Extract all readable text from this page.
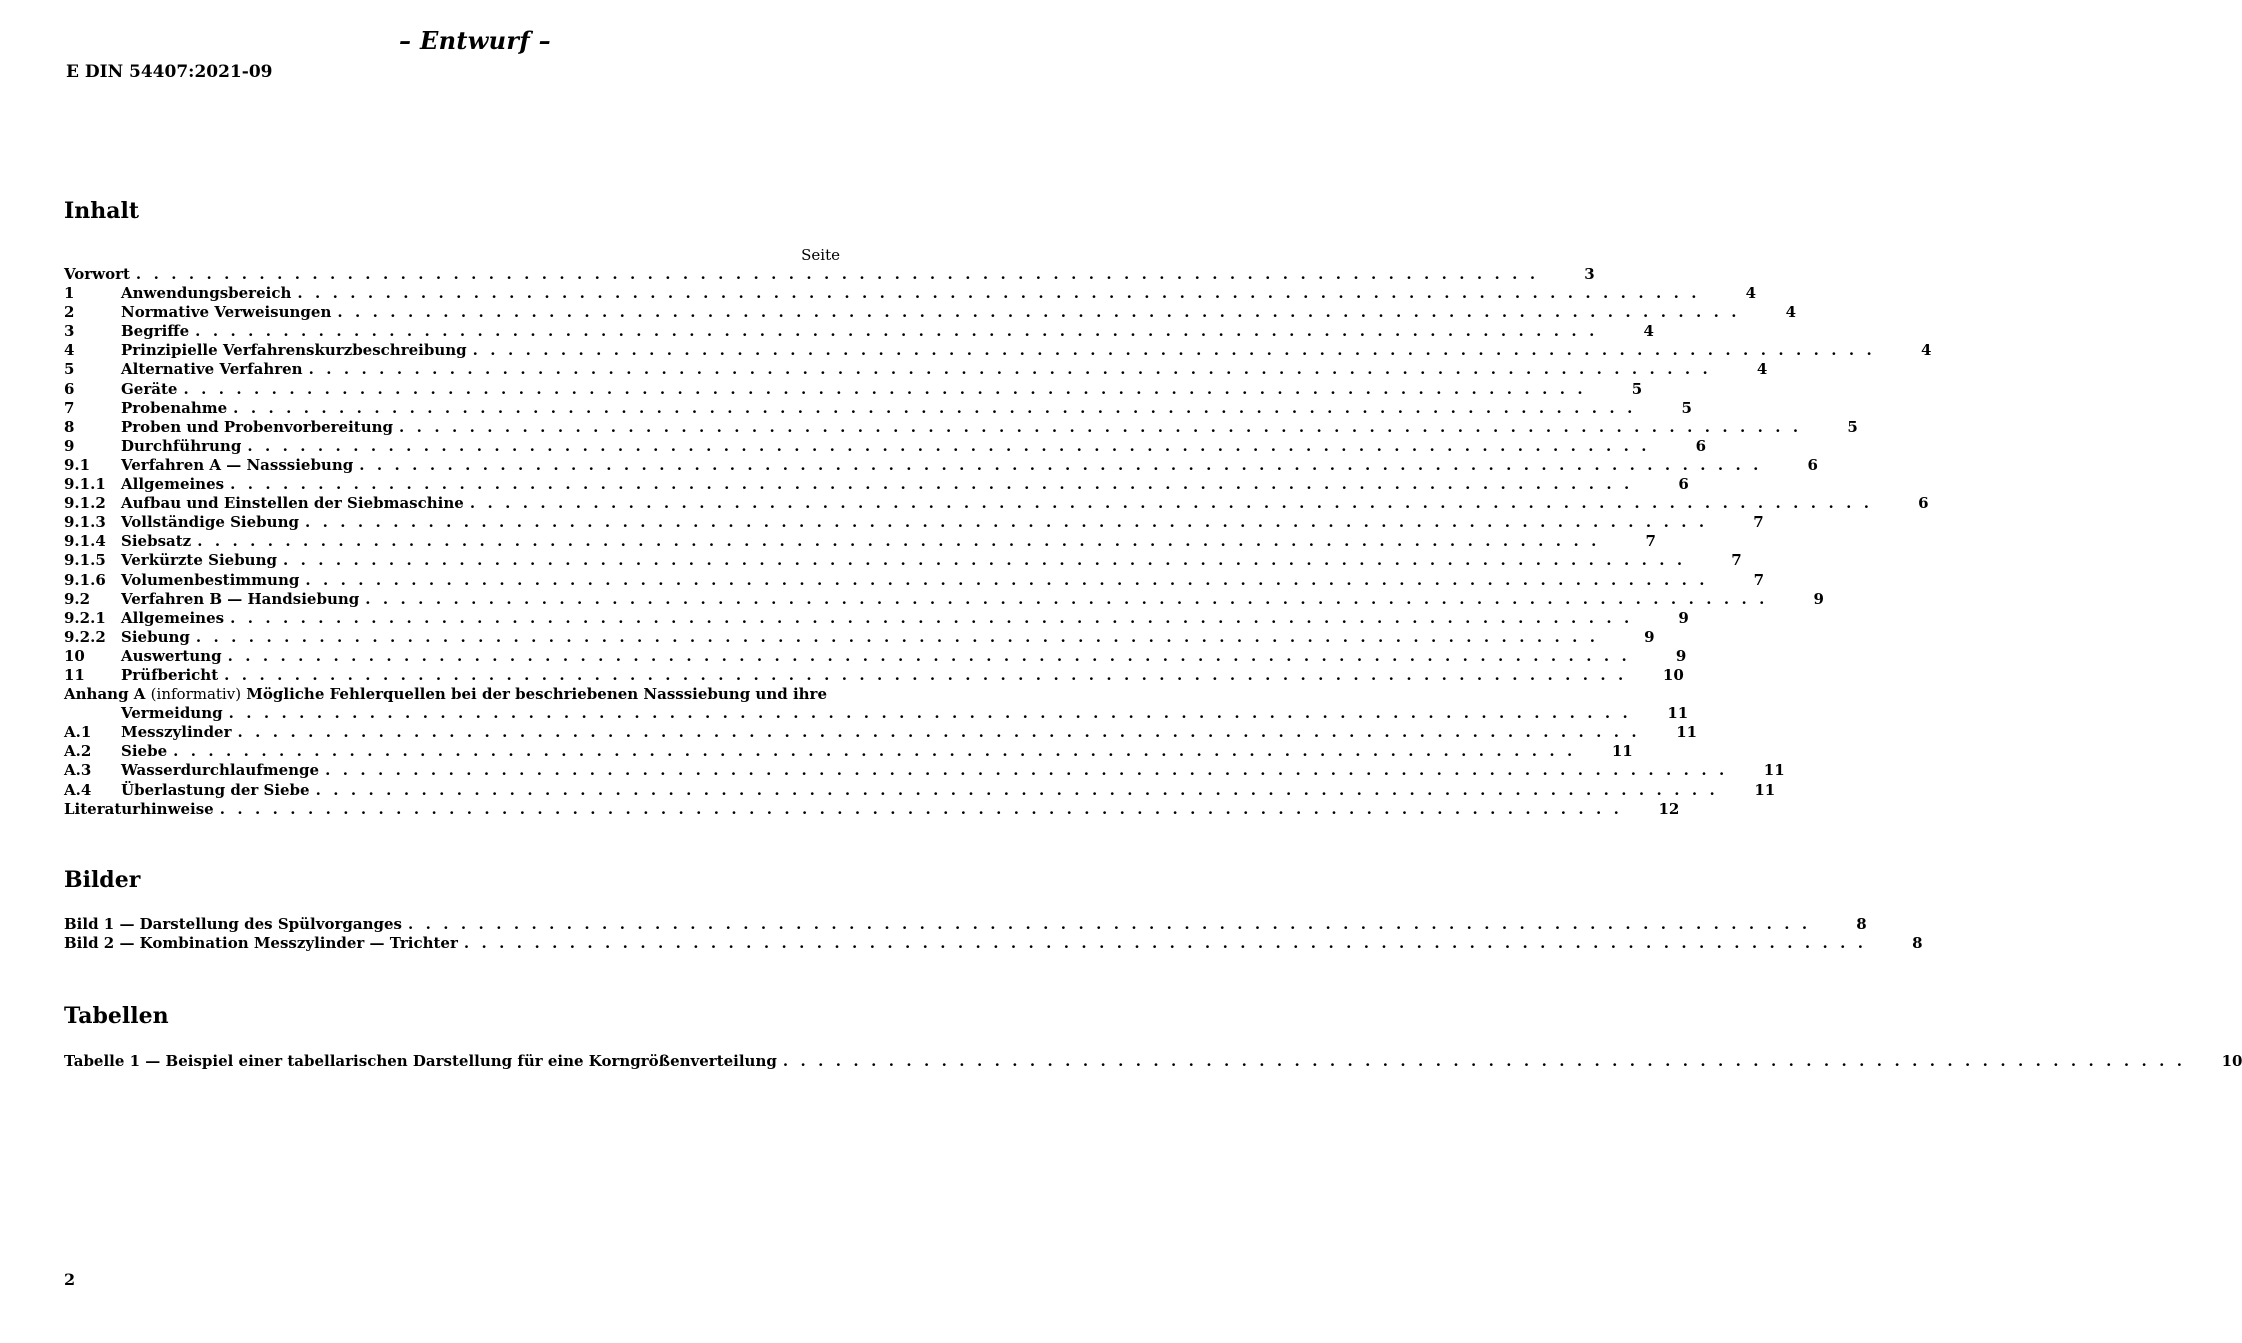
– Entwurf –
E DIN 54407:2021-09
Inhalt
Seite
Vorwort . . . . . . . . . . . . . . . . . . . . . . . . . . . . . . . . . . . . . . . . . . . . . . . . . . . . . . . . . . . . . . . . . . . . . . . . . . . . . . . .	3
1	Anwendungsbereich . . . . . . . . . . . . . . . . . . . . . . . . . . . . . . . . . . . . . . . . . . . . . . . . . . . . . . . . . . . . . . . . . . . . . . . . . . . . . . . .	4
2	Normative Verweisungen . . . . . . . . . . . . . . . . . . . . . . . . . . . . . . . . . . . . . . . . . . . . . . . . . . . . . . . . . . . . . . . . . . . . . . . . . . . . . . . .	4
3	Begriffe . . . . . . . . . . . . . . . . . . . . . . . . . . . . . . . . . . . . . . . . . . . . . . . . . . . . . . . . . . . . . . . . . . . . . . . . . . . . . . . .	4
4	Prinzipielle Verfahrenskurzbeschreibung . . . . . . . . . . . . . . . . . . . . . . . . . . . . . . . . . . . . . . . . . . . . . . . . . . . . . . . . . . . . . . . . . . . . . . . . . . . . . . . .	4
5	Alternative Verfahren . . . . . . . . . . . . . . . . . . . . . . . . . . . . . . . . . . . . . . . . . . . . . . . . . . . . . . . . . . . . . . . . . . . . . . . . . . . . . . . .	4
6	Geräte . . . . . . . . . . . . . . . . . . . . . . . . . . . . . . . . . . . . . . . . . . . . . . . . . . . . . . . . . . . . . . . . . . . . . . . . . . . . . . . .	5
7	Probenahme . . . . . . . . . . . . . . . . . . . . . . . . . . . . . . . . . . . . . . . . . . . . . . . . . . . . . . . . . . . . . . . . . . . . . . . . . . . . . . . .	5
8	Proben und Probenvorbereitung . . . . . . . . . . . . . . . . . . . . . . . . . . . . . . . . . . . . . . . . . . . . . . . . . . . . . . . . . . . . . . . . . . . . . . . . . . . . . . . .	5
9	Durchführung . . . . . . . . . . . . . . . . . . . . . . . . . . . . . . . . . . . . . . . . . . . . . . . . . . . . . . . . . . . . . . . . . . . . . . . . . . . . . . . .	6
9.1	Verfahren A — Nasssiebung . . . . . . . . . . . . . . . . . . . . . . . . . . . . . . . . . . . . . . . . . . . . . . . . . . . . . . . . . . . . . . . . . . . . . . . . . . . . . . . .	6
9.1.1	Allgemeines . . . . . . . . . . . . . . . . . . . . . . . . . . . . . . . . . . . . . . . . . . . . . . . . . . . . . . . . . . . . . . . . . . . . . . . . . . . . . . . .	6
9.1.2	Aufbau und Einstellen der Siebmaschine . . . . . . . . . . . . . . . . . . . . . . . . . . . . . . . . . . . . . . . . . . . . . . . . . . . . . . . . . . . . . . . . . . . . . . . . . . . . . . . .	6
9.1.3	Vollständige Siebung . . . . . . . . . . . . . . . . . . . . . . . . . . . . . . . . . . . . . . . . . . . . . . . . . . . . . . . . . . . . . . . . . . . . . . . . . . . . . . . .	7
9.1.4	Siebsatz . . . . . . . . . . . . . . . . . . . . . . . . . . . . . . . . . . . . . . . . . . . . . . . . . . . . . . . . . . . . . . . . . . . . . . . . . . . . . . . .	7
9.1.5	Verkürzte Siebung . . . . . . . . . . . . . . . . . . . . . . . . . . . . . . . . . . . . . . . . . . . . . . . . . . . . . . . . . . . . . . . . . . . . . . . . . . . . . . . .	7
9.1.6	Volumenbestimmung . . . . . . . . . . . . . . . . . . . . . . . . . . . . . . . . . . . . . . . . . . . . . . . . . . . . . . . . . . . . . . . . . . . . . . . . . . . . . . . .	7
9.2	Verfahren B — Handsiebung . . . . . . . . . . . . . . . . . . . . . . . . . . . . . . . . . . . . . . . . . . . . . . . . . . . . . . . . . . . . . . . . . . . . . . . . . . . . . . . .	9
9.2.1	Allgemeines . . . . . . . . . . . . . . . . . . . . . . . . . . . . . . . . . . . . . . . . . . . . . . . . . . . . . . . . . . . . . . . . . . . . . . . . . . . . . . . .	9
9.2.2	Siebung . . . . . . . . . . . . . . . . . . . . . . . . . . . . . . . . . . . . . . . . . . . . . . . . . . . . . . . . . . . . . . . . . . . . . . . . . . . . . . . .	9
10	Auswertung . . . . . . . . . . . . . . . . . . . . . . . . . . . . . . . . . . . . . . . . . . . . . . . . . . . . . . . . . . . . . . . . . . . . . . . . . . . . . . . .	9
11	Prüfbericht . . . . . . . . . . . . . . . . . . . . . . . . . . . . . . . . . . . . . . . . . . . . . . . . . . . . . . . . . . . . . . . . . . . . . . . . . . . . . . . . 10
Anhang A (informativ) Mögliche Fehlerquellen bei der beschriebenen Nasssiebung und ihre
Vermeidung . . . . . . . . . . . . . . . . . . . . . . . . . . . . . . . . . . . . . . . . . . . . . . . . . . . . . . . . . . . . . . . . . . . . . . . . . . . . . . . . 11
A.1	Messzylinder . . . . . . . . . . . . . . . . . . . . . . . . . . . . . . . . . . . . . . . . . . . . . . . . . . . . . . . . . . . . . . . . . . . . . . . . . . . . . . . . 11
A.2	Siebe . . . . . . . . . . . . . . . . . . . . . . . . . . . . . . . . . . . . . . . . . . . . . . . . . . . . . . . . . . . . . . . . . . . . . . . . . . . . . . . . 11
A.3	Wasserdurchlaufmenge . . . . . . . . . . . . . . . . . . . . . . . . . . . . . . . . . . . . . . . . . . . . . . . . . . . . . . . . . . . . . . . . . . . . . . . . . . . . . . . . 11
A.4	Überlastung der Siebe . . . . . . . . . . . . . . . . . . . . . . . . . . . . . . . . . . . . . . . . . . . . . . . . . . . . . . . . . . . . . . . . . . . . . . . . . . . . . . . . 11
Literaturhinweise . . . . . . . . . . . . . . . . . . . . . . . . . . . . . . . . . . . . . . . . . . . . . . . . . . . . . . . . . . . . . . . . . . . . . . . . . . . . . . . . 12
Bilder
Bild 1 — Darstellung des Spülvorganges . . . . . . . . . . . . . . . . . . . . . . . . . . . . . . . . . . . . . . . . . . . . . . . . . . . . . . . . . . . . . . . . . . . . . . . . . . . . . . . .	8
Bild 2 — Kombination Messzylinder — Trichter . . . . . . . . . . . . . . . . . . . . . . . . . . . . . . . . . . . . . . . . . . . . . . . . . . . . . . . . . . . . . . . . . . . . . . . . . . . . . . . .	8
Tabellen
Tabelle 1 — Beispiel einer tabellarischen Darstellung für eine Korngrößenverteilung . . . . . . . . . . . . . . . . . . . . . . . . . . . . . . . . . . . . . . . . . . . . . . . . . . . . . . . . . . . . . . . . . . . . . . . . . . . . . . . . 10
2
